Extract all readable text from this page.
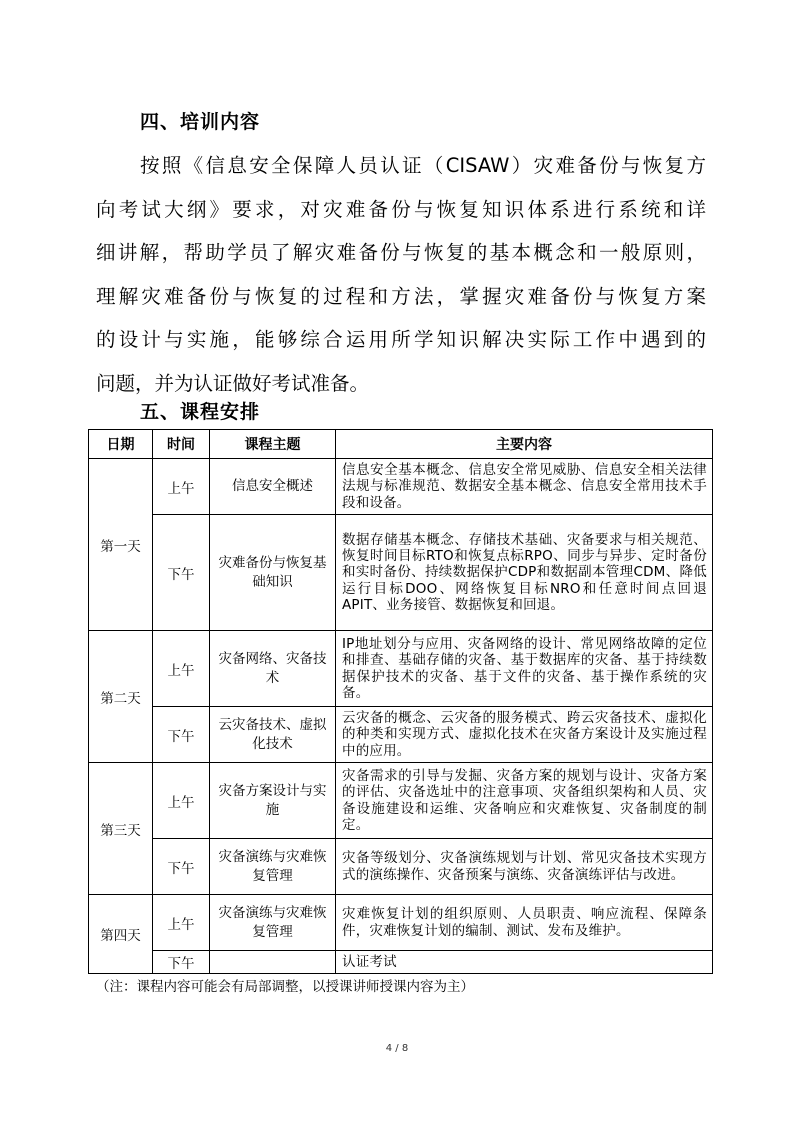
四、培训内容
按照《信息安全保障人员认证（CISAW）灾难备份与恢复方
向考试大纲》要求，对灾难备份与恢复知识体系进行系统和详
细讲解，帮助学员了解灾难备份与恢复的基本概念和一般原则，
理解灾难备份与恢复的过程和方法，掌握灾难备份与恢复方案
的设计与实施，能够综合运用所学知识解决实际工作中遇到的
问题，并为认证做好考试准备。
五、课程安排
日期	时间	课程主题	主要内容
第一天	上午	信息安全概述	信息安全基本概念、信息安全常见威胁、信息安全相关法律法规与标准规范、数据安全基本概念、信息安全常用技术手段和设备。
	下午	灾难备份与恢复基础知识	数据存储基本概念、存储技术基础、灾备要求与相关规范、恢复时间目标RTO和恢复点标RPO、同步与异步、定时备份和实时备份、持续数据保护CDP和数据副本管理CDM、降低运行目标DOO、网络恢复目标NRO和任意时间点回退APIT、业务接管、数据恢复和回退。
第二天	上午	灾备网络、灾备技术	IP地址划分与应用、灾备网络的设计、常见网络故障的定位和排查、基础存储的灾备、基于数据库的灾备、基于持续数据保护技术的灾备、基于文件的灾备、基于操作系统的灾备。
	下午	云灾备技术、虚拟化技术	云灾备的概念、云灾备的服务模式、跨云灾备技术、虚拟化的种类和实现方式、虚拟化技术在灾备方案设计及实施过程中的应用。
第三天	上午	灾备方案设计与实施	灾备需求的引导与发掘、灾备方案的规划与设计、灾备方案的评估、灾备选址中的注意事项、灾备组织架构和人员、灾备设施建设和运维、灾备响应和灾难恢复、灾备制度的制定。
	下午	灾备演练与灾难恢复管理	灾备等级划分、灾备演练规划与计划、常见灾备技术实现方式的演练操作、灾备预案与演练、灾备演练评估与改进。
第四天	上午	灾备演练与灾难恢复管理	灾难恢复计划的组织原则、人员职责、响应流程、保障条件，灾难恢复计划的编制、测试、发布及维护。
	下午		认证考试
（注：课程内容可能会有局部调整，以授课讲师授课内容为主）
4 / 8
